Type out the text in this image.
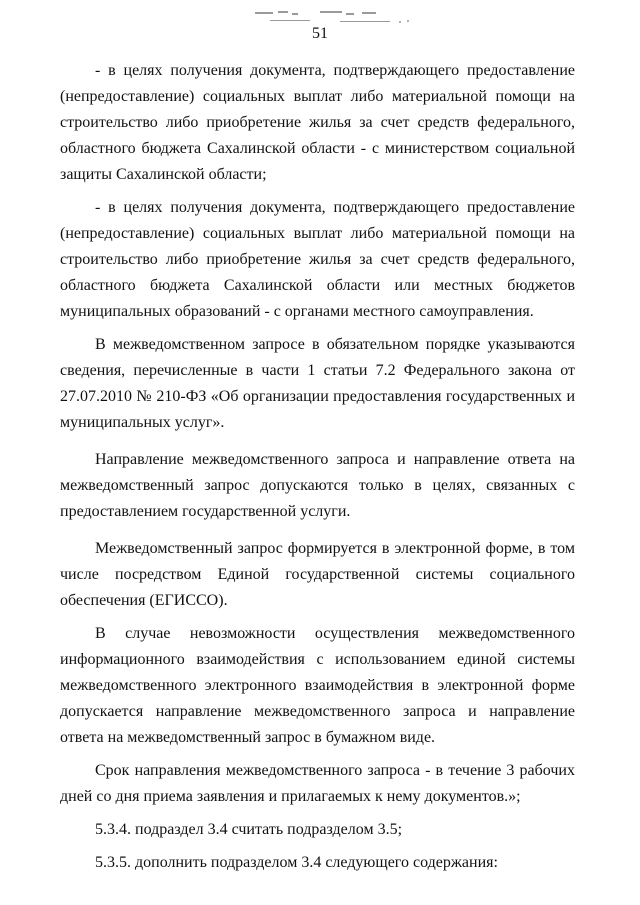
51

- в целях получения документа, подтверждающего предоставление (непредоставление) социальных выплат либо материальной помощи на строительство либо приобретение жилья за счет средств федерального, областного бюджета Сахалинской области - с министерством социальной защиты Сахалинской области;

- в целях получения документа, подтверждающего предоставление (непредоставление) социальных выплат либо материальной помощи на строительство либо приобретение жилья за счет средств федерального, областного бюджета Сахалинской области или местных бюджетов муниципальных образований - с органами местного самоуправления.

В межведомственном запросе в обязательном порядке указываются сведения, перечисленные в части 1 статьи 7.2 Федерального закона от 27.07.2010 № 210-ФЗ «Об организации предоставления государственных и муниципальных услуг».

Направление межведомственного запроса и направление ответа на межведомственный запрос допускаются только в целях, связанных с предоставлением государственной услуги.

Межведомственный запрос формируется в электронной форме, в том числе посредством Единой государственной системы социального обеспечения (ЕГИССО).

В случае невозможности осуществления межведомственного информационного взаимодействия с использованием единой системы межведомственного электронного взаимодействия в электронной форме допускается направление межведомственного запроса и направление ответа на межведомственный запрос в бумажном виде.

Срок направления межведомственного запроса - в течение 3 рабочих дней со дня приема заявления и прилагаемых к нему документов.»;

5.3.4. подраздел 3.4 считать подразделом 3.5;

5.3.5. дополнить подразделом 3.4 следующего содержания:
